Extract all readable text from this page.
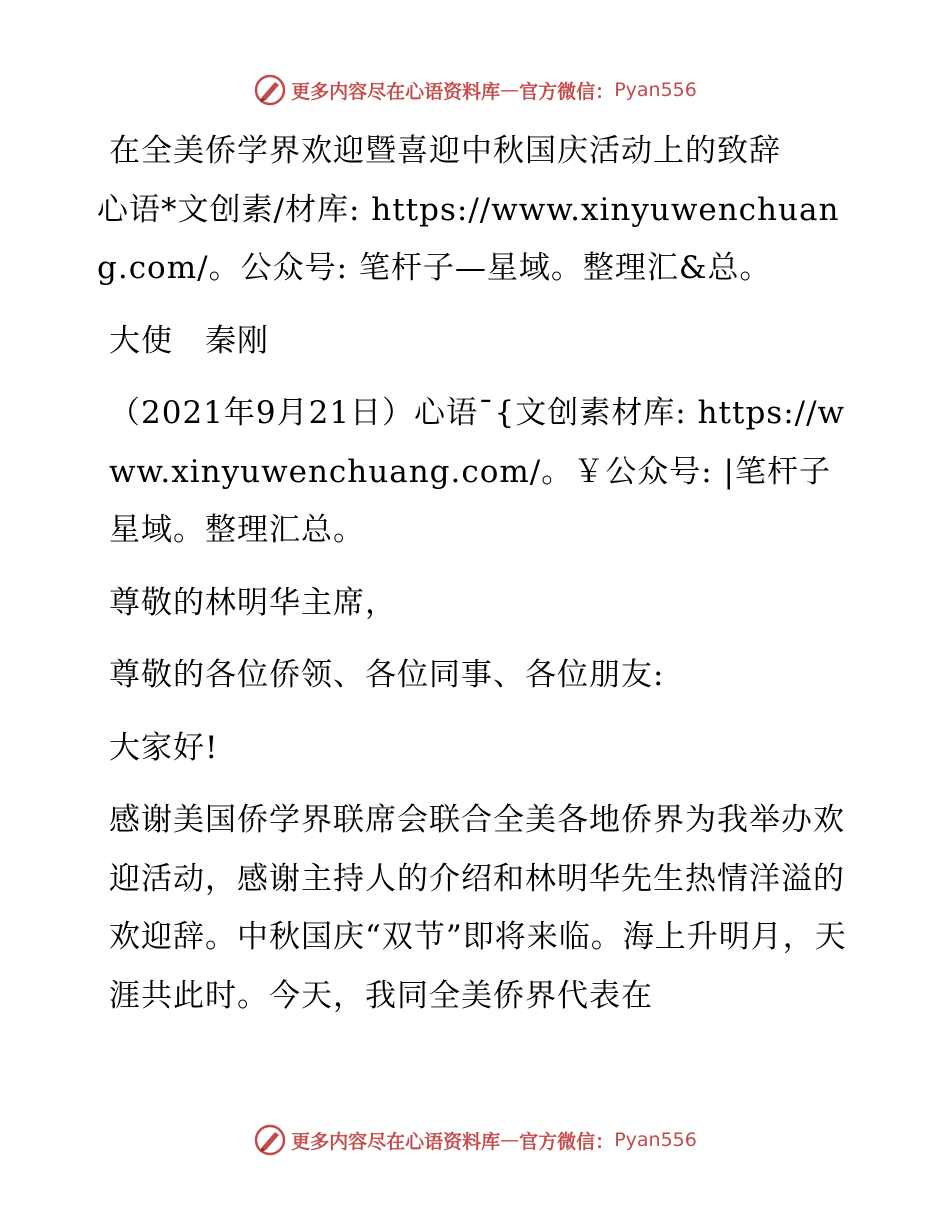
更多内容尽在心语资料库 — 官方微信： Pyan556

在全美侨学界欢迎暨喜迎中秋国庆活动上的致辞

心语*文创素/材库: https://www.xinyuwenchuang.com/。公众号: 笔杆子—星域。整理汇&总。

大使　秦刚

（2021年9月21日）心语¯{文创素材库: https://www.xinyuwenchuang.com/。￥公众号: |笔杆子星域。整理汇总。

尊敬的林明华主席，

尊敬的各位侨领、各位同事、各位朋友:

大家好!

感谢美国侨学界联席会联合全美各地侨界为我举办欢迎活动，感谢主持人的介绍和林明华先生热情洋溢的欢迎辞。中秋国庆“双节”即将来临。海上升明月，天涯共此时。今天，我同全美侨界代表在

更多内容尽在心语资料库 — 官方微信： Pyan556
